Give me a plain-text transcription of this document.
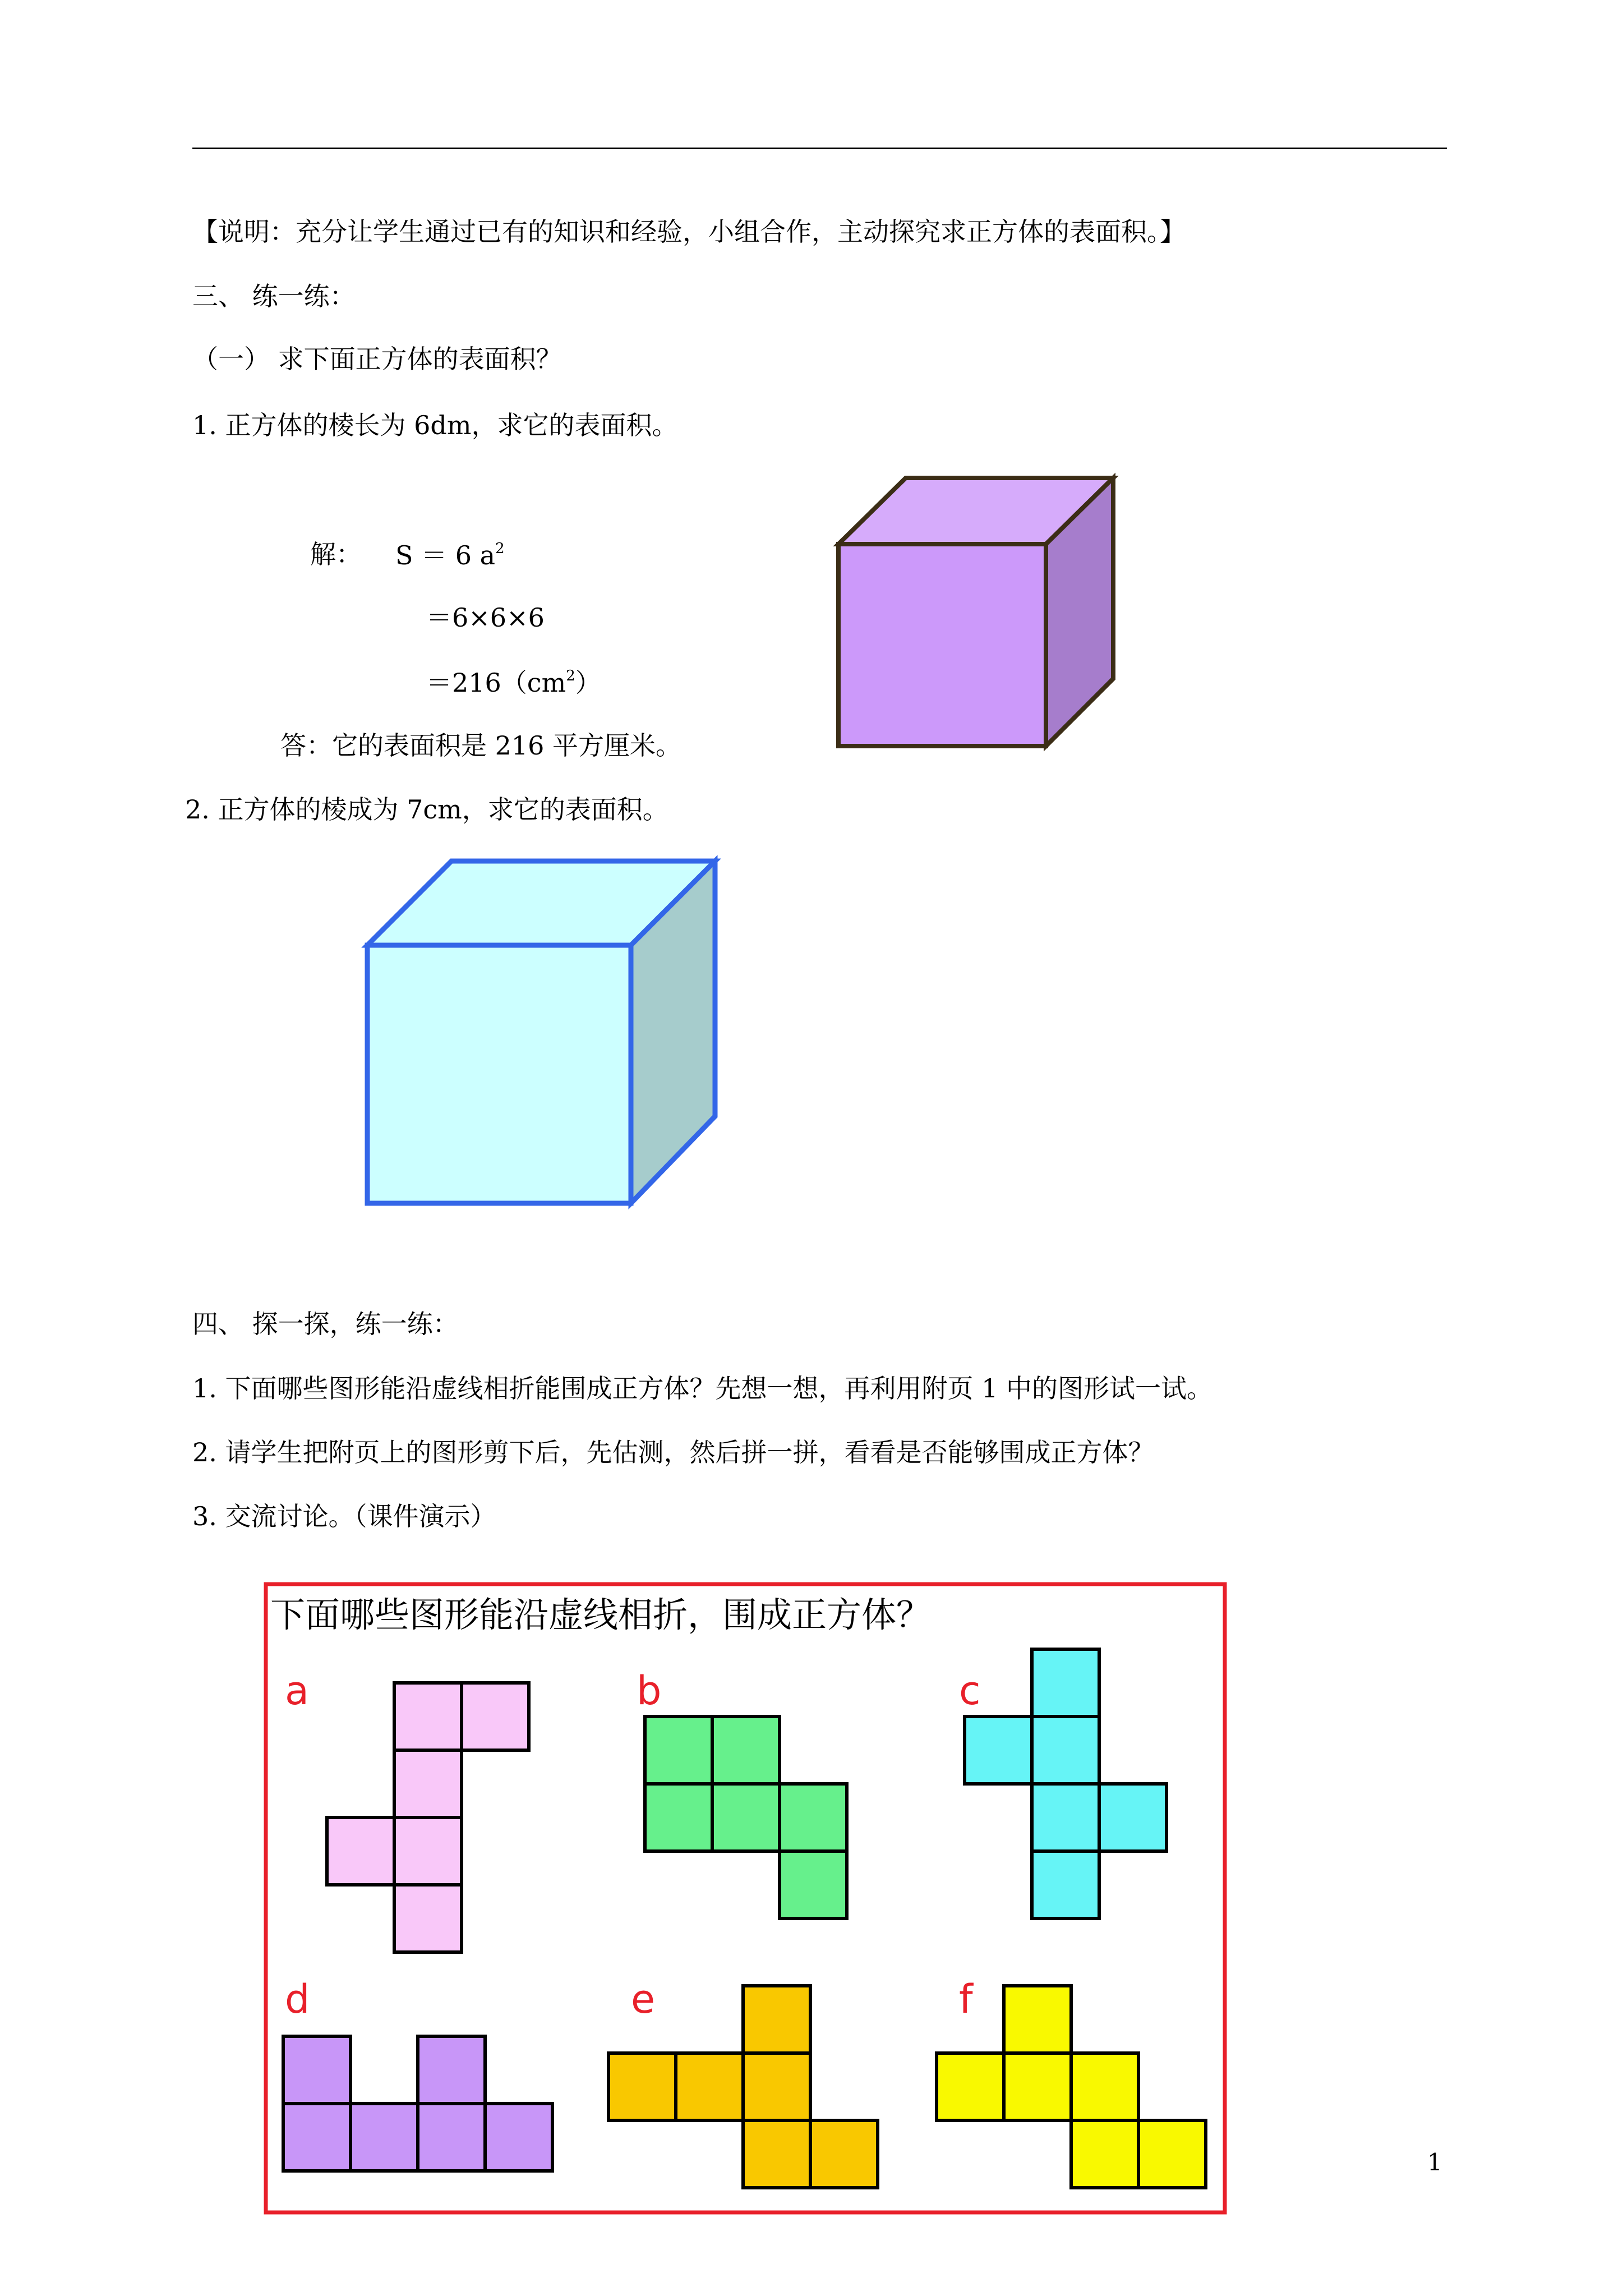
【说明：充分让学生通过已有的知识和经验，小组合作，主动探究求正方体的表面积。】
三、 练一练：
（一） 求下面正方体的表面积？
1. 正方体的棱长为 6dm，求它的表面积。
解： S ＝ 6 $a^2$
＝6×6×6
$=216(cm^2)$
答：它的表面积是 216 平方厘米。
2. 正方体的棱成为 7cm，求它的表面积。
四、 探一探，练一练：
1. 下面哪些图形能沿虚线相折能围成正方体？先想一想，再利用附页 1 中的图形试一试。
2. 请学生把附页上的图形剪下后，先估测，然后拼一拼，看看是否能够围成正方体？
3. 交流讨论。（课件演示）
下面哪些图形能沿虚线相折，围成正方体？
a	b	c
d	e	f
1
